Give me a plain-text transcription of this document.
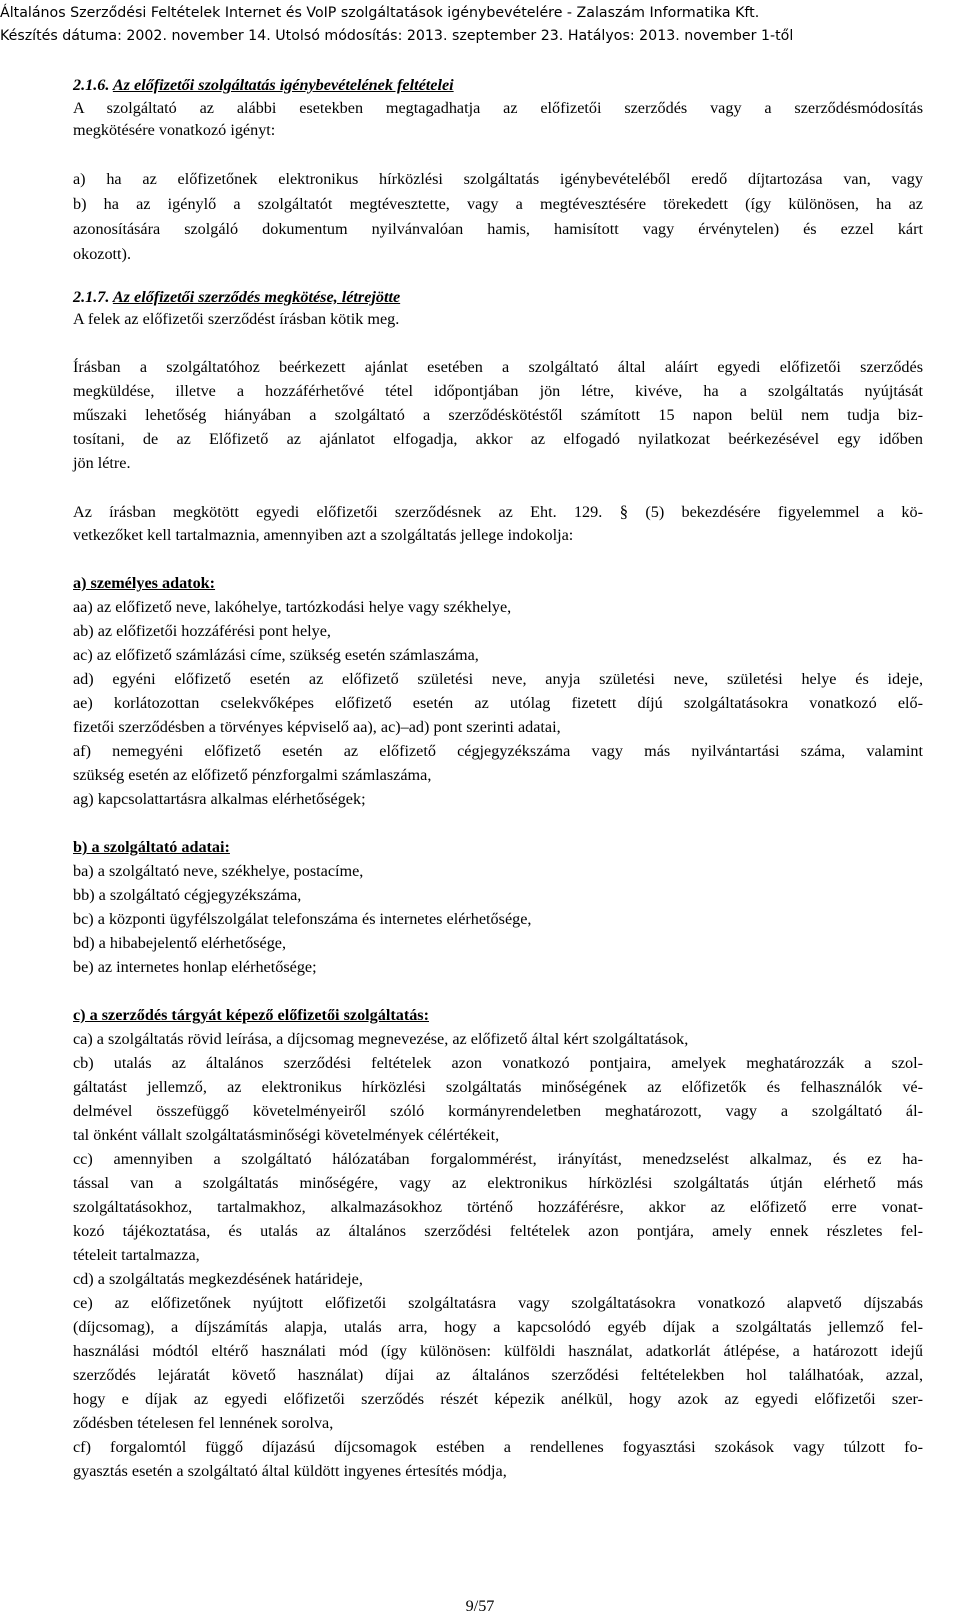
Általános Szerződési Feltételek Internet és VoIP szolgáltatások igénybevételére - Zalaszám Informatika Kft.
Készítés dátuma: 2002. november 14. Utolsó módosítás: 2013. szeptember 23. Hatályos: 2013. november 1-től
2.1.6. Az előfizetői szolgáltatás igénybevételének feltételei
A szolgáltató az alábbi esetekben megtagadhatja az előfizetői szerződés vagy a szerződésmódosítás
megkötésére vonatkozó igényt:
a) ha az előfizetőnek elektronikus hírközlési szolgáltatás igénybevételéből eredő díjtartozása van, vagy
b) ha az igénylő a szolgáltatót megtévesztette, vagy a megtévesztésére törekedett (így különösen, ha az
azonosítására szolgáló dokumentum nyilvánvalóan hamis, hamisított vagy érvénytelen) és ezzel kárt
okozott).
2.1.7. Az előfizetői szerződés megkötése, létrejötte
A felek az előfizetői szerződést írásban kötik meg.
Írásban a szolgáltatóhoz beérkezett ajánlat esetében a szolgáltató által aláírt egyedi előfizetői szerződés
megküldése, illetve a hozzáférhetővé tétel időpontjában jön létre, kivéve, ha a szolgáltatás nyújtását
műszaki lehetőség hiányában a szolgáltató a szerződéskötéstől számított 15 napon belül nem tudja biz-
tosítani, de az Előfizető az ajánlatot elfogadja, akkor az elfogadó nyilatkozat beérkezésével egy időben
jön létre.
Az írásban megkötött egyedi előfizetői szerződésnek az Eht. 129. § (5) bekezdésére figyelemmel a kö-
vetkezőket kell tartalmaznia, amennyiben azt a szolgáltatás jellege indokolja:
a) személyes adatok:
aa) az előfizető neve, lakóhelye, tartózkodási helye vagy székhelye,
ab) az előfizetői hozzáférési pont helye,
ac) az előfizető számlázási címe, szükség esetén számlaszáma,
ad) egyéni előfizető esetén az előfizető születési neve, anyja születési neve, születési helye és ideje,
ae) korlátozottan cselekvőképes előfizető esetén az utólag fizetett díjú szolgáltatásokra vonatkozó elő-
fizetői szerződésben a törvényes képviselő aa), ac)–ad) pont szerinti adatai,
af) nemegyéni előfizető esetén az előfizető cégjegyzékszáma vagy más nyilvántartási száma, valamint
szükség esetén az előfizető pénzforgalmi számlaszáma,
ag) kapcsolattartásra alkalmas elérhetőségek;
b) a szolgáltató adatai:
ba) a szolgáltató neve, székhelye, postacíme,
bb) a szolgáltató cégjegyzékszáma,
bc) a központi ügyfélszolgálat telefonszáma és internetes elérhetősége,
bd) a hibabejelentő elérhetősége,
be) az internetes honlap elérhetősége;
c) a szerződés tárgyát képező előfizetői szolgáltatás:
ca) a szolgáltatás rövid leírása, a díjcsomag megnevezése, az előfizető által kért szolgáltatások,
cb) utalás az általános szerződési feltételek azon vonatkozó pontjaira, amelyek meghatározzák a szol-
gáltatást jellemző, az elektronikus hírközlési szolgáltatás minőségének az előfizetők és felhasználók vé-
delmével összefüggő követelményeiről szóló kormányrendeletben meghatározott, vagy a szolgáltató ál-
tal önként vállalt szolgáltatásminőségi követelmények célértékeit,
cc) amennyiben a szolgáltató hálózatában forgalommérést, irányítást, menedzselést alkalmaz, és ez ha-
tással van a szolgáltatás minőségére, vagy az elektronikus hírközlési szolgáltatás útján elérhető más
szolgáltatásokhoz, tartalmakhoz, alkalmazásokhoz történő hozzáférésre, akkor az előfizető erre vonat-
kozó tájékoztatása, és utalás az általános szerződési feltételek azon pontjára, amely ennek részletes fel-
tételeit tartalmazza,
cd) a szolgáltatás megkezdésének határideje,
ce) az előfizetőnek nyújtott előfizetői szolgáltatásra vagy szolgáltatásokra vonatkozó alapvető díjszabás
(díjcsomag), a díjszámítás alapja, utalás arra, hogy a kapcsolódó egyéb díjak a szolgáltatás jellemző fel-
használási módtól eltérő használati mód (így különösen: külföldi használat, adatkorlát átlépése, a határozott idejű
szerződés lejáratát követő használat) díjai az általános szerződési feltételekben hol találhatóak, azzal,
hogy e díjak az egyedi előfizetői szerződés részét képezik anélkül, hogy azok az egyedi előfizetői szer-
ződésben tételesen fel lennének sorolva,
cf) forgalomtól függő díjazású díjcsomagok estében a rendellenes fogyasztási szokások vagy túlzott fo-
gyasztás esetén a szolgáltató által küldött ingyenes értesítés módja,
9/57
